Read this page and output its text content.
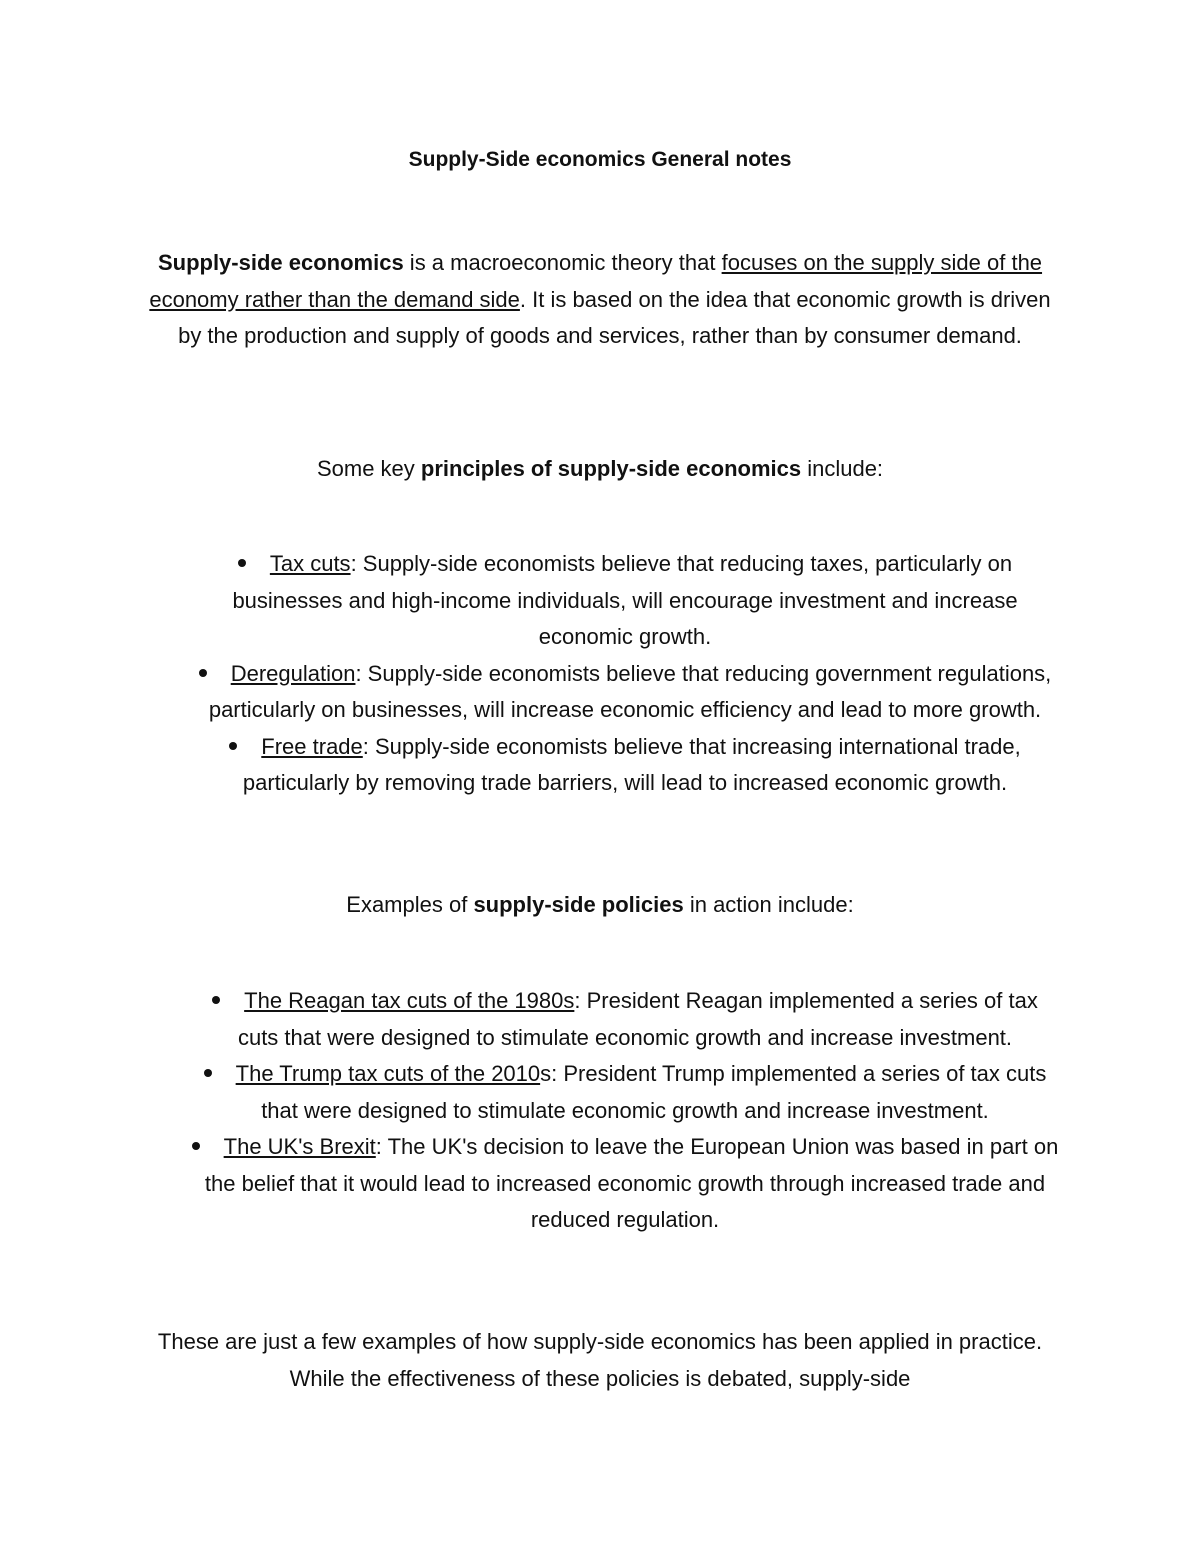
Supply-Side economics General notes

Supply-side economics is a macroeconomic theory that focuses on the supply side of the economy rather than the demand side. It is based on the idea that economic growth is driven by the production and supply of goods and services, rather than by consumer demand.

Some key principles of supply-side economics include:

Tax cuts: Supply-side economists believe that reducing taxes, particularly on businesses and high-income individuals, will encourage investment and increase economic growth.
Deregulation: Supply-side economists believe that reducing government regulations, particularly on businesses, will increase economic efficiency and lead to more growth.
Free trade: Supply-side economists believe that increasing international trade, particularly by removing trade barriers, will lead to increased economic growth.

Examples of supply-side policies in action include:

The Reagan tax cuts of the 1980s: President Reagan implemented a series of tax cuts that were designed to stimulate economic growth and increase investment.
The Trump tax cuts of the 2010s: President Trump implemented a series of tax cuts that were designed to stimulate economic growth and increase investment.
The UK's Brexit: The UK's decision to leave the European Union was based in part on the belief that it would lead to increased economic growth through increased trade and reduced regulation.

These are just a few examples of how supply-side economics has been applied in practice. While the effectiveness of these policies is debated, supply-side
